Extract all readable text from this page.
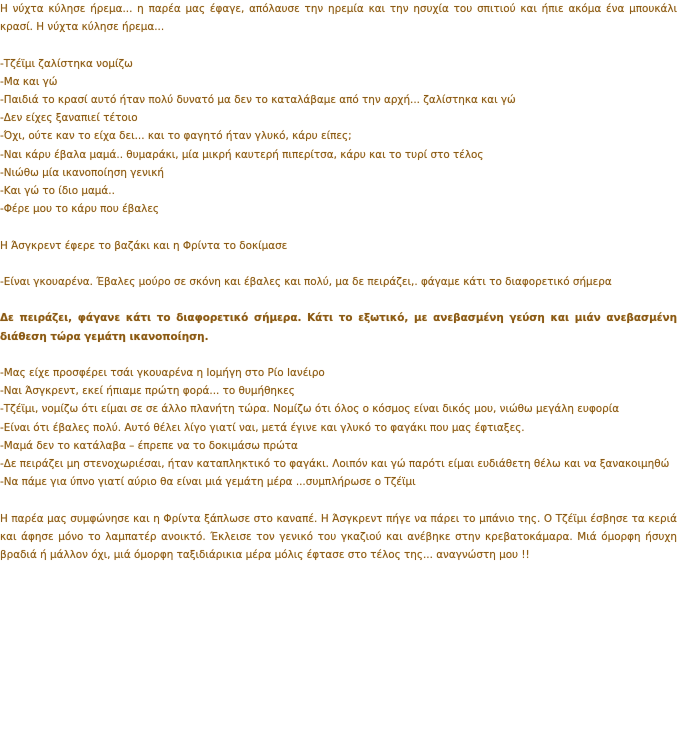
Η νύχτα κύλησε ήρεμα... η παρέα μας έφαγε, απόλαυσε την ηρεμία και την ησυχία του σπιτιού και ήπιε ακόμα ένα μπουκάλι κρασί. Η νύχτα κύλησε ήρεμα...

-Τζέϊμι ζαλίστηκα νομίζω
-Μα και γώ
-Παιδιά το κρασί αυτό ήταν πολύ δυνατό μα δεν το καταλάβαμε από την αρχή... ζαλίστηκα και γώ
-Δεν είχες ξαναπιεί τέτοιο
-Όχι, ούτε καν το είχα δει... και το φαγητό ήταν γλυκό, κάρυ είπες;
-Ναι κάρυ έβαλα μαμά.. θυμαράκι, μία μικρή καυτερή πιπερίτσα, κάρυ και το τυρί στο τέλος
-Νιώθω μία ικανοποίηση γενική
-Και γώ το ίδιο μαμά..
-Φέρε μου το κάρυ που έβαλες

Η Άσγκρεντ έφερε το βαζάκι και η Φρίντα το δοκίμασε

-Είναι γκουαρένα. Έβαλες μούρο σε σκόνη και έβαλες και πολύ, μα δε πειράζει,. φάγαμε κάτι το διαφορετικό σήμερα

Δε πειράζει, φάγανε κάτι το διαφορετικό σήμερα. Κάτι το εξωτικό, με ανεβασμένη γεύση και μιάν ανεβασμένη διάθεση τώρα γεμάτη ικανοποίηση.

-Μας είχε προσφέρει τσάι γκουαρένα η Ιομήγη στο Ρίο Ιανέιρο

-Ναι Άσγκρεντ, εκεί ήπιαμε πρώτη φορά... το θυμήθηκες

-Τζέϊμι, νομίζω ότι είμαι σε σε άλλο πλανήτη τώρα. Νομίζω ότι όλος ο κόσμος είναι δικός μου, νιώθω μεγάλη ευφορία

-Είναι ότι έβαλες πολύ. Αυτό θέλει λίγο γιατί ναι, μετά έγινε και γλυκό το φαγάκι που μας έφτιαξες.

-Μαμά δεν το κατάλαβα – έπρεπε να το δοκιμάσω πρώτα

-Δε πειράζει μη στενοχωριέσαι, ήταν καταπληκτικό το φαγάκι. Λοιπόν και γώ παρότι είμαι ευδιάθετη θέλω και να ξανακοιμηθώ

-Να πάμε για ύπνο γιατί αύριο θα είναι μιά γεμάτη μέρα ...συμπλήρωσε ο Τζέϊμι

Η παρέα μας συμφώνησε και η Φρίντα ξάπλωσε στο καναπέ. Η Άσγκρεντ πήγε να πάρει το μπάνιο της. Ο Τζέϊμι έσβησε τα κεριά και άφησε μόνο το λαμπατέρ ανοικτό. Έκλεισε τον γενικό του γκαζιού και ανέβηκε στην κρεβατοκάμαρα. Μιά όμορφη ήσυχη βραδιά ή μάλλον όχι, μιά όμορφη ταξιδιάρικια μέρα μόλις έφτασε στο τέλος της... αναγνώστη μου !!
